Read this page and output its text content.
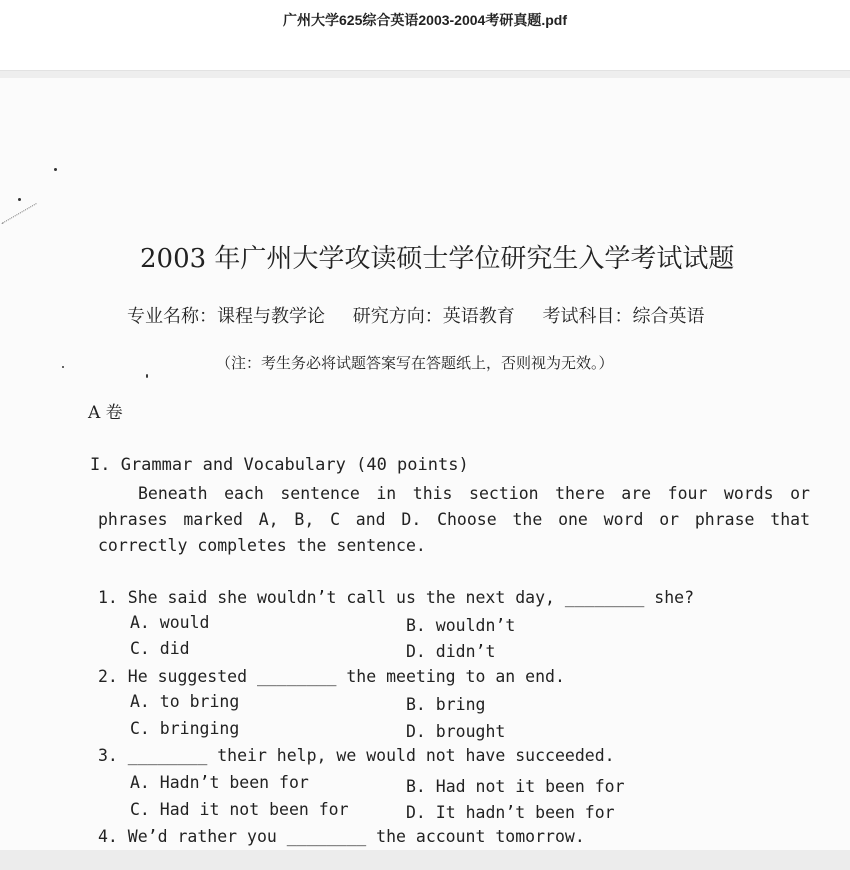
广州大学625综合英语2003-2004考研真题.pdf
2003 年广州大学攻读硕士学位研究生入学考试试题
专业名称：课程与教学论 研究方向：英语教育 考试科目：综合英语
（注：考生务必将试题答案写在答题纸上，否则视为无效。）
A 卷
I. Grammar and Vocabulary (40 points)
Beneath each sentence in this section there are four words or phrases marked A, B, C and D. Choose the one word or phrase that correctly completes the sentence.
1. She said she wouldn’t call us the next day, ________ she?
A. would	B. wouldn’t
C. did	D. didn’t
2. He suggested ________ the meeting to an end.
A. to bring	B. bring
C. bringing	D. brought
3. ________ their help, we would not have succeeded.
A. Hadn’t been for	B. Had not it been for
C. Had it not been for	D. It hadn’t been for
4. We’d rather you ________ the account tomorrow.
